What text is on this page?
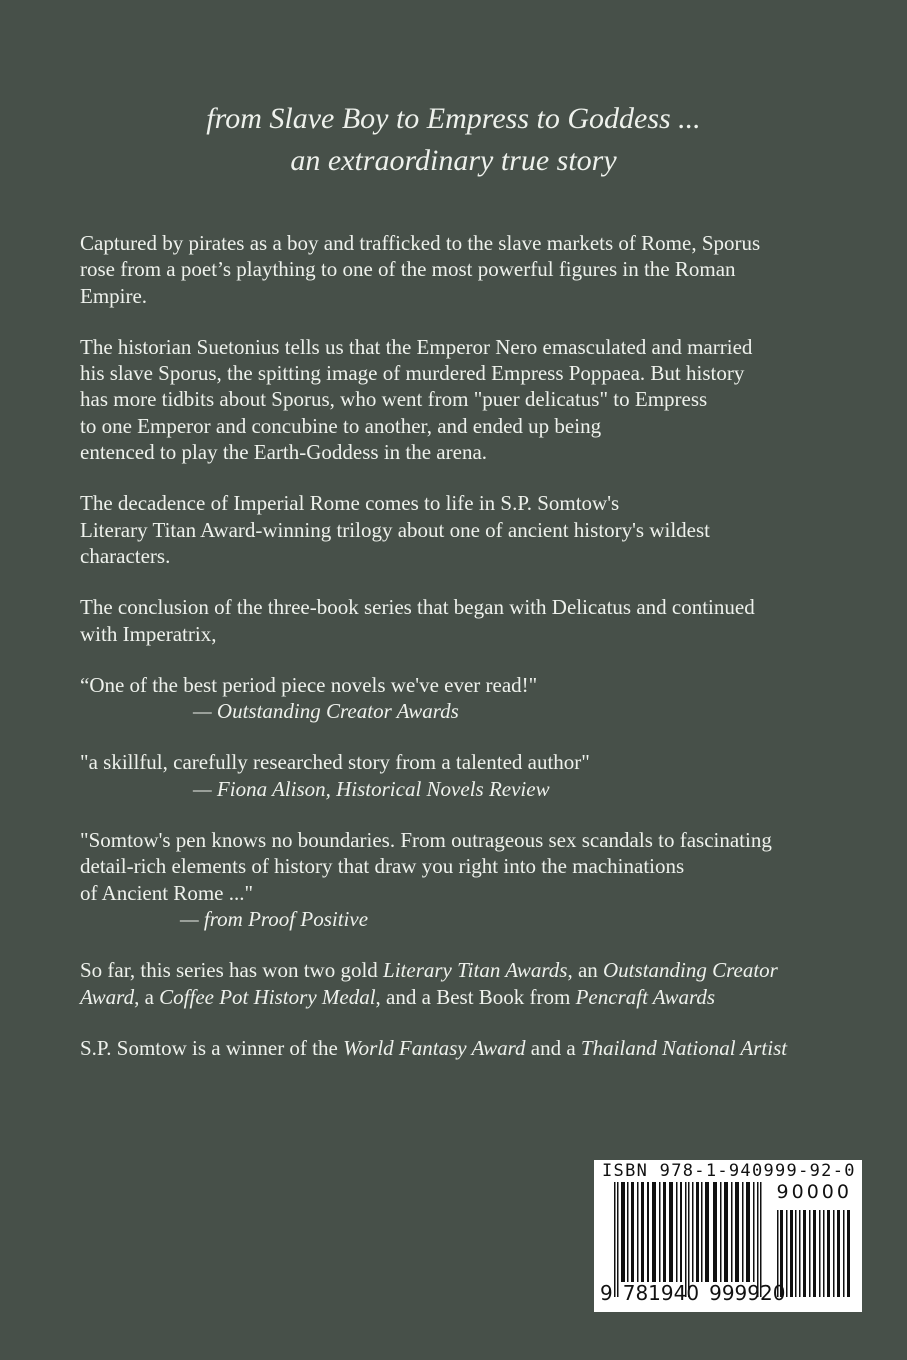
from Slave Boy to Empress to Goddess ...
an extraordinary true story

Captured by pirates as a boy and trafficked to the slave markets of Rome, Sporus
rose from a poet’s plaything to one of the most powerful figures in the Roman
Empire.

The historian Suetonius tells us that the Emperor Nero emasculated and married
his slave Sporus, the spitting image of murdered Empress Poppaea. But history
has more tidbits about Sporus, who went from "puer delicatus" to Empress
to one Emperor and concubine to another, and ended up being
entenced to play the Earth-Goddess in the arena.

The decadence of Imperial Rome comes to life in S.P. Somtow's
Literary Titan Award-winning trilogy about one of ancient history's wildest
characters.

The conclusion of the three-book series that began with Delicatus and continued
with Imperatrix,

“One of the best period piece novels we've ever read!"
— Outstanding Creator Awards
"a skillful, carefully researched story from a talented author"
— Fiona Alison, Historical Novels Review
"Somtow's pen knows no boundaries. From outrageous sex scandals to fascinating
detail-rich elements of history that draw you right into the machinations
of Ancient Rome ..."
— from Proof Positive

So far, this series has won two gold Literary Titan Awards, an Outstanding Creator
Award, a Coffee Pot History Medal, and a Best Book from Pencraft Awards

S.P. Somtow is a winner of the World Fantasy Award and a Thailand National Artist

ISBN 978-1-940999-92-0
90000
9 781940 999920
